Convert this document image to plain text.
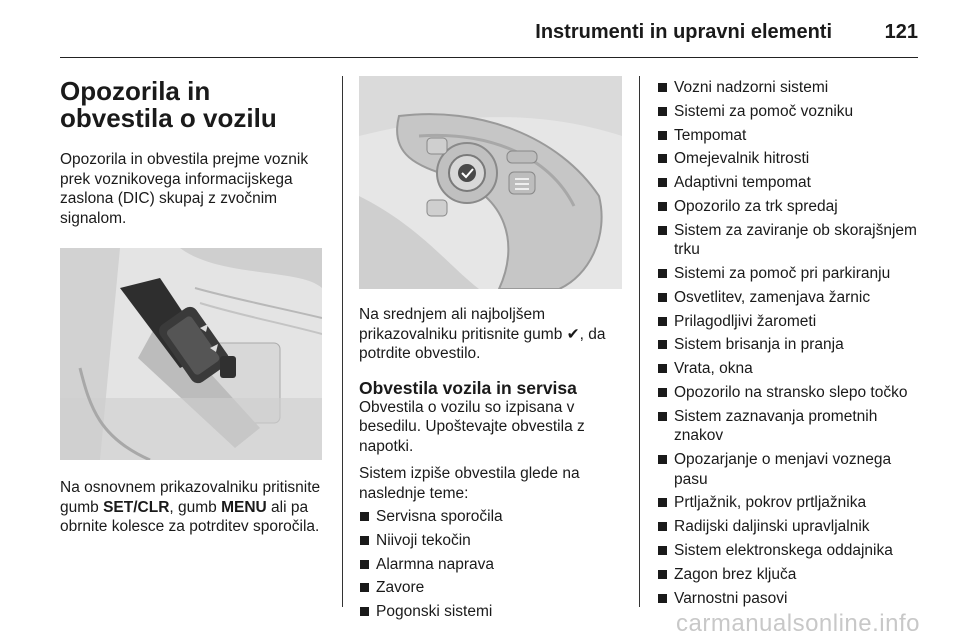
Instrumenti in upravni elementi	121
Opozorila in obvestila o vozilu

Opozorila in obvestila prejme voznik prek voznikovega informacijskega zaslona (DIC) skupaj z zvočnim signalom.

Na osnovnem prikazovalniku pritisnite gumb SET/CLR, gumb MENU ali pa obrnite kolesce za potrditev sporočila.

Na srednjem ali najboljšem prikazovalniku pritisnite gumb ✔, da potrdite obvestilo.

Obvestila vozila in servisa

Obvestila o vozilu so izpisana v besedilu. Upoštevajte obvestila z napotki.

Sistem izpiše obvestila glede na naslednje teme:

Servisna sporočila
Niivoji tekočin
Alarmna naprava
Zavore
Pogonski sistemi
Vozni nadzorni sistemi
Sistemi za pomoč vozniku
Tempomat
Omejevalnik hitrosti
Adaptivni tempomat
Opozorilo za trk spredaj
Sistem za zaviranje ob skorajšnjem trku
Sistemi za pomoč pri parkiranju
Osvetlitev, zamenjava žarnic
Prilagodljivi žarometi
Sistem brisanja in pranja
Vrata, okna
Opozorilo na stransko slepo točko
Sistem zaznavanja prometnih znakov
Opozarjanje o menjavi voznega pasu
Prtljažnik, pokrov prtljažnika
Radijski daljinski upravljalnik
Sistem elektronskega oddajnika
Zagon brez ključa
Varnostni pasovi
carmanualsonline.info
